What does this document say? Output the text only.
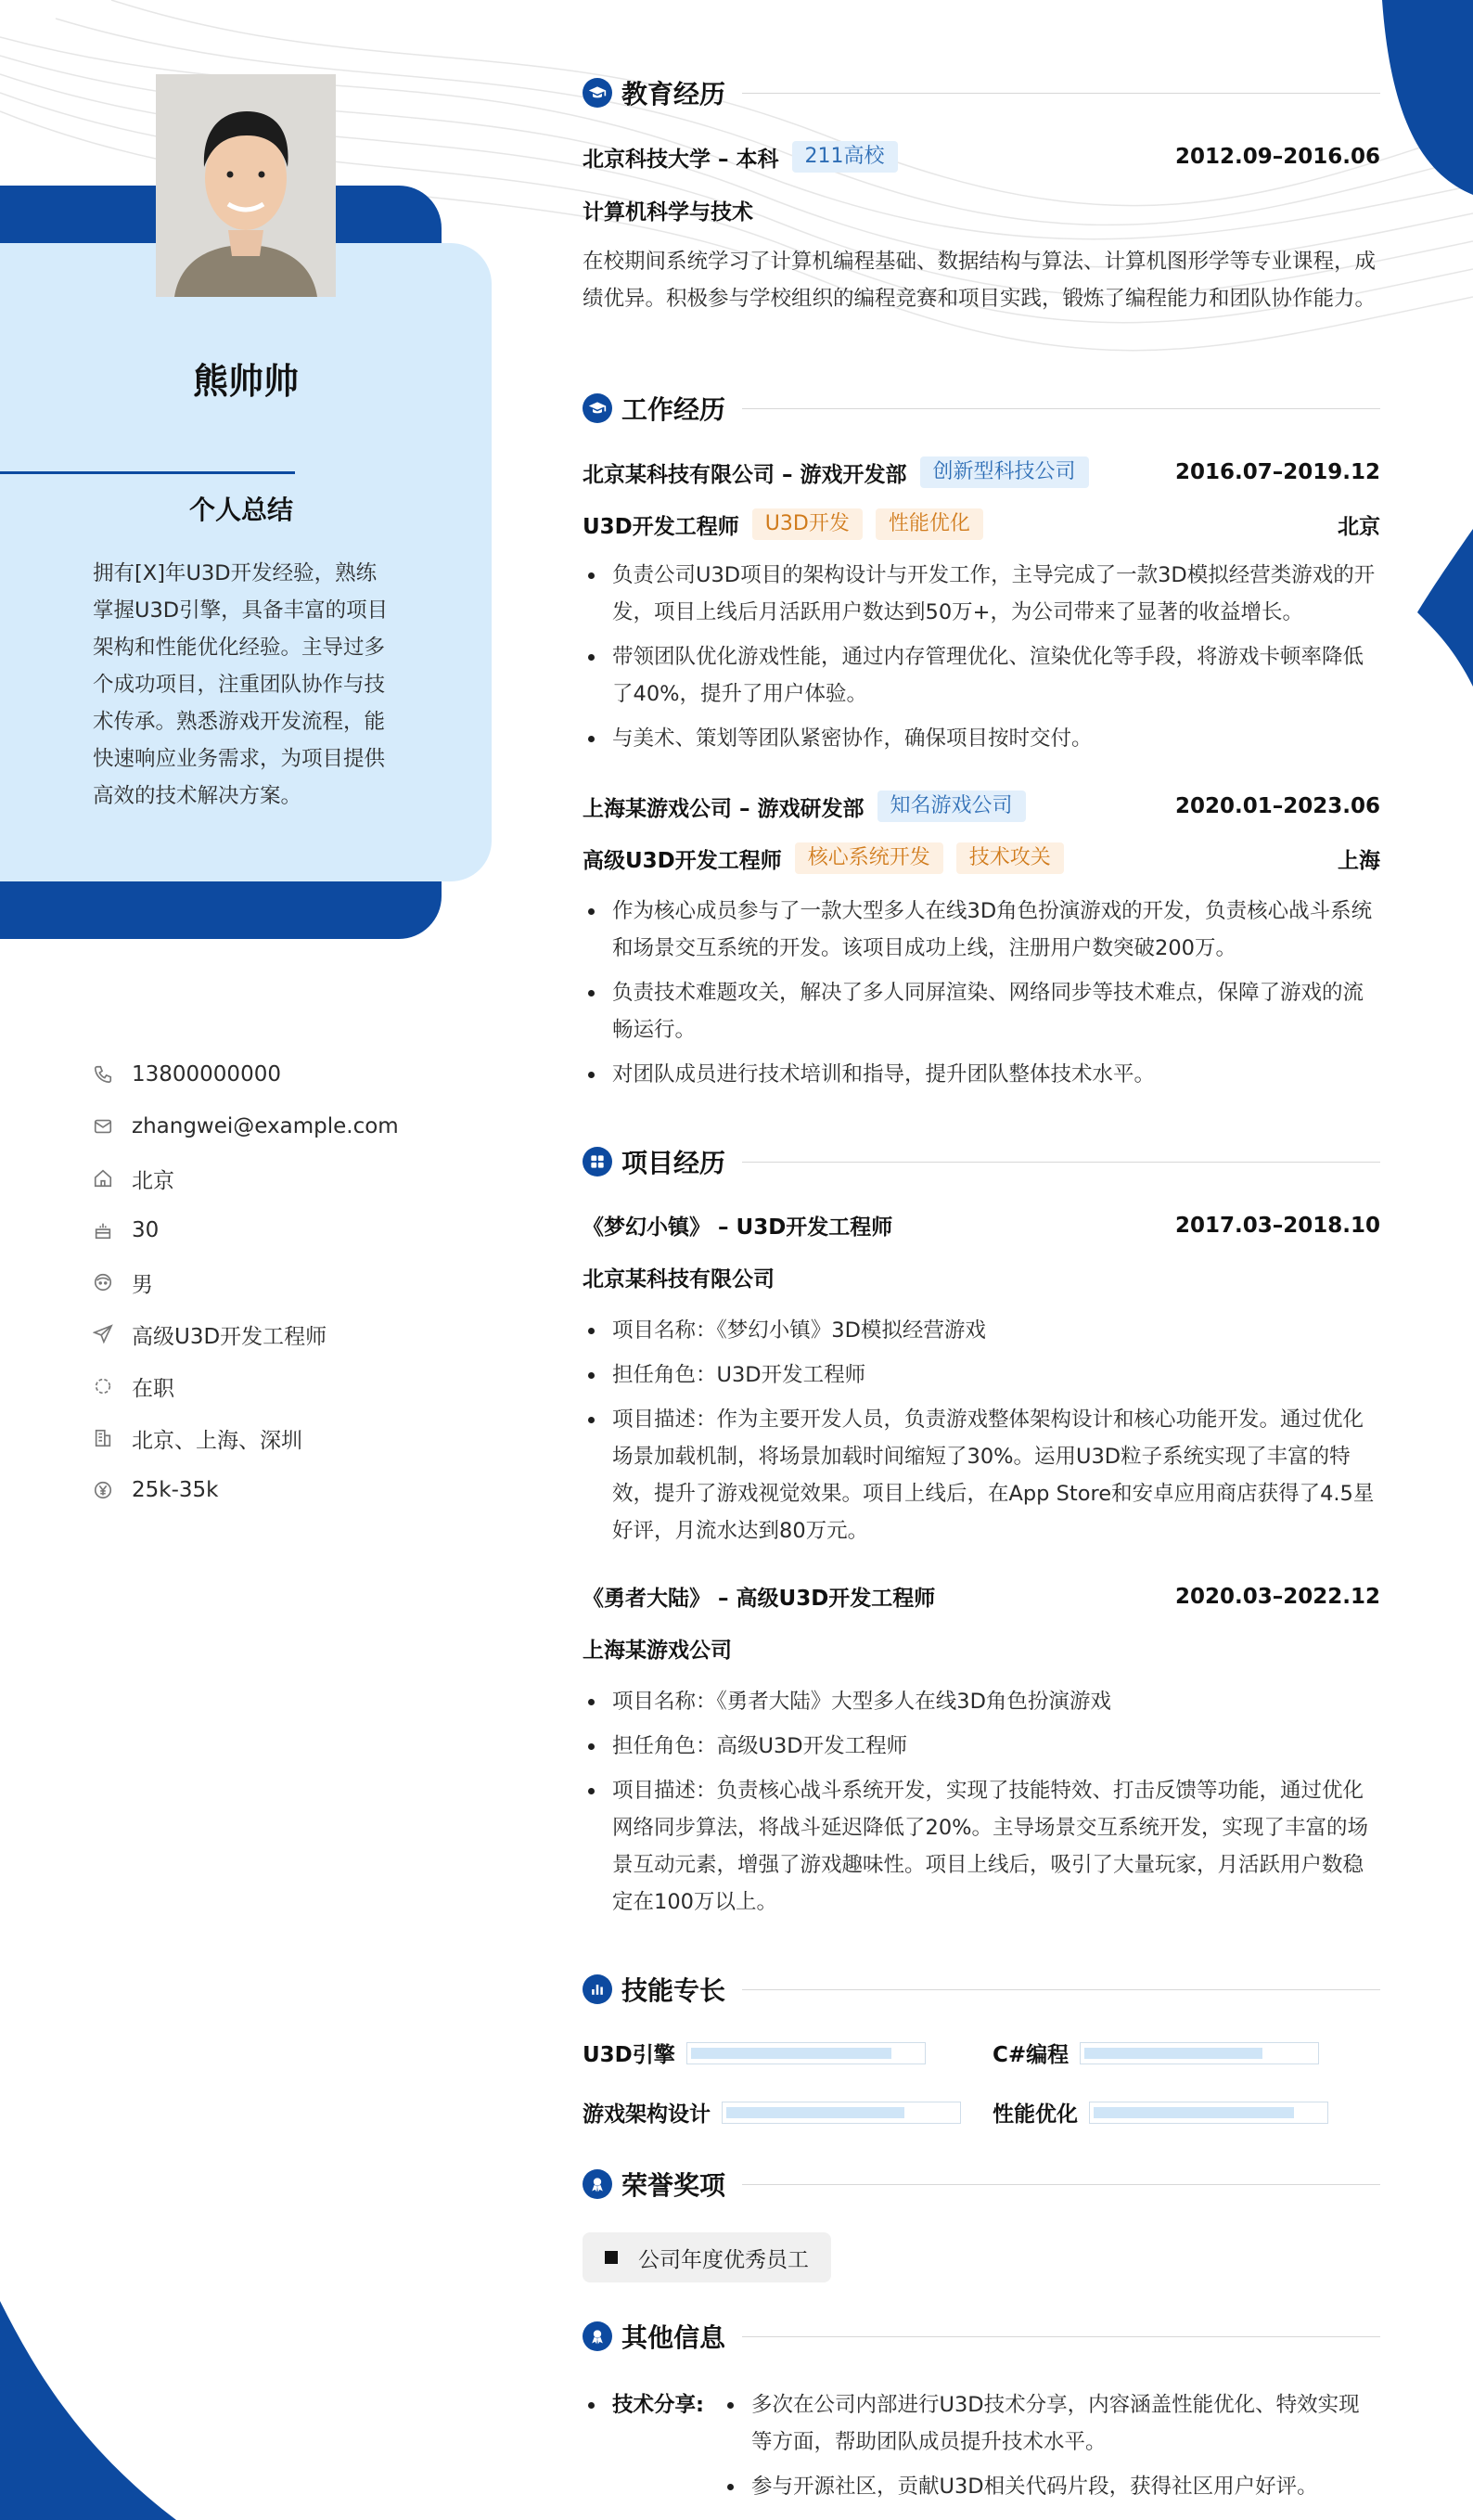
熊帅帅
个人总结
拥有[X]年U3D开发经验，熟练掌握U3D引擎，具备丰富的项目架构和性能优化经验。主导过多个成功项目，注重团队协作与技术传承。熟悉游戏开发流程，能快速响应业务需求，为项目提供高效的技术解决方案。
13800000000
zhangwei@example.com
北京
30
男
高级U3D开发工程师
在职
北京、上海、深圳
25k-35k
教育经历
北京科技大学 – 本科	211高校	2012.09–2016.06
计算机科学与技术
在校期间系统学习了计算机编程基础、数据结构与算法、计算机图形学等专业课程，成绩优异。积极参与学校组织的编程竞赛和项目实践，锻炼了编程能力和团队协作能力。
工作经历
北京某科技有限公司 – 游戏开发部	创新型科技公司	2016.07–2019.12
U3D开发工程师	U3D开发	性能优化	北京
负责公司U3D项目的架构设计与开发工作，主导完成了一款3D模拟经营类游戏的开发，项目上线后月活跃用户数达到50万+，为公司带来了显著的收益增长。
带领团队优化游戏性能，通过内存管理优化、渲染优化等手段，将游戏卡顿率降低了40%，提升了用户体验。
与美术、策划等团队紧密协作，确保项目按时交付。
上海某游戏公司 – 游戏研发部	知名游戏公司	2020.01–2023.06
高级U3D开发工程师	核心系统开发	技术攻关	上海
作为核心成员参与了一款大型多人在线3D角色扮演游戏的开发，负责核心战斗系统和场景交互系统的开发。该项目成功上线，注册用户数突破200万。
负责技术难题攻关，解决了多人同屏渲染、网络同步等技术难点，保障了游戏的流畅运行。
对团队成员进行技术培训和指导，提升团队整体技术水平。
项目经历
《梦幻小镇》 – U3D开发工程师	2017.03–2018.10
北京某科技有限公司
项目名称：《梦幻小镇》3D模拟经营游戏
担任角色：U3D开发工程师
项目描述：作为主要开发人员，负责游戏整体架构设计和核心功能开发。通过优化场景加载机制，将场景加载时间缩短了30%。运用U3D粒子系统实现了丰富的特效，提升了游戏视觉效果。项目上线后，在App Store和安卓应用商店获得了4.5星好评，月流水达到80万元。
《勇者大陆》 – 高级U3D开发工程师	2020.03–2022.12
上海某游戏公司
项目名称：《勇者大陆》大型多人在线3D角色扮演游戏
担任角色：高级U3D开发工程师
项目描述：负责核心战斗系统开发，实现了技能特效、打击反馈等功能，通过优化网络同步算法，将战斗延迟降低了20%。主导场景交互系统开发，实现了丰富的场景互动元素，增强了游戏趣味性。项目上线后，吸引了大量玩家，月活跃用户数稳定在100万以上。
技能专长
U3D引擎	C#编程
游戏架构设计	性能优化
荣誉奖项
公司年度优秀员工
其他信息
技术分享:	多次在公司内部进行U3D技术分享，内容涵盖性能优化、特效实现等方面，帮助团队成员提升技术水平。
参与开源社区，贡献U3D相关代码片段，获得社区用户好评。
